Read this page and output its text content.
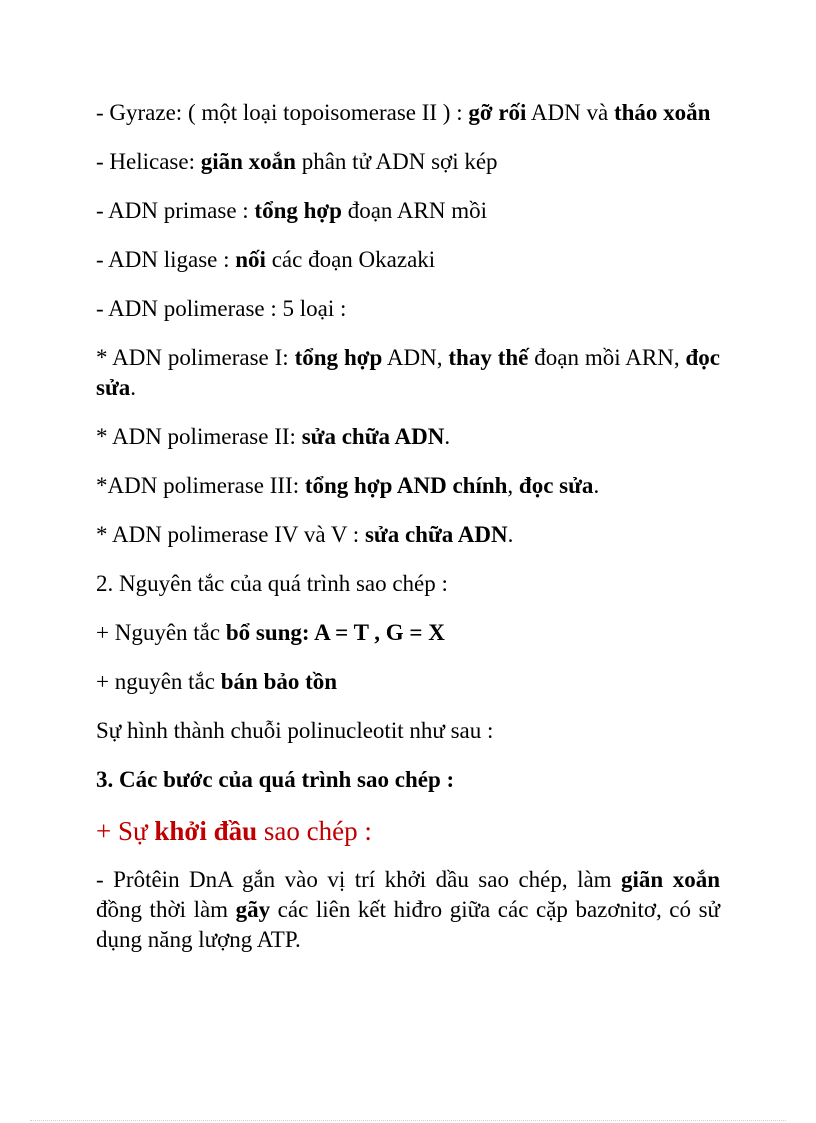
- Gyraze: ( một loại topoisomerase II ) : gỡ rối ADN và tháo xoắn

- Helicase: giãn xoắn phân tử ADN sợi kép

- ADN primase : tổng hợp đoạn ARN mồi

- ADN ligase : nối các đoạn Okazaki

- ADN polimerase : 5 loại :

* ADN polimerase I: tổng hợp ADN, thay thế đoạn mồi ARN, đọc sửa.

* ADN polimerase II: sửa chữa ADN.

*ADN polimerase III: tổng hợp AND chính, đọc sửa.

* ADN polimerase IV và V : sửa chữa ADN.

2. Nguyên tắc của quá trình sao chép :

+ Nguyên tắc bổ sung: A = T , G = X

+ nguyên tắc bán bảo tồn

Sự hình thành chuỗi polinucleotit như sau :

3. Các bước của quá trình sao chép :

+ Sự khởi đầu sao chép :

- Prôtêin DnA gắn vào vị trí khởi dầu sao chép, làm giãn xoắn đồng thời làm gãy các liên kết hiđro giữa các cặp bazơnitơ, có sử dụng năng lượng ATP.
